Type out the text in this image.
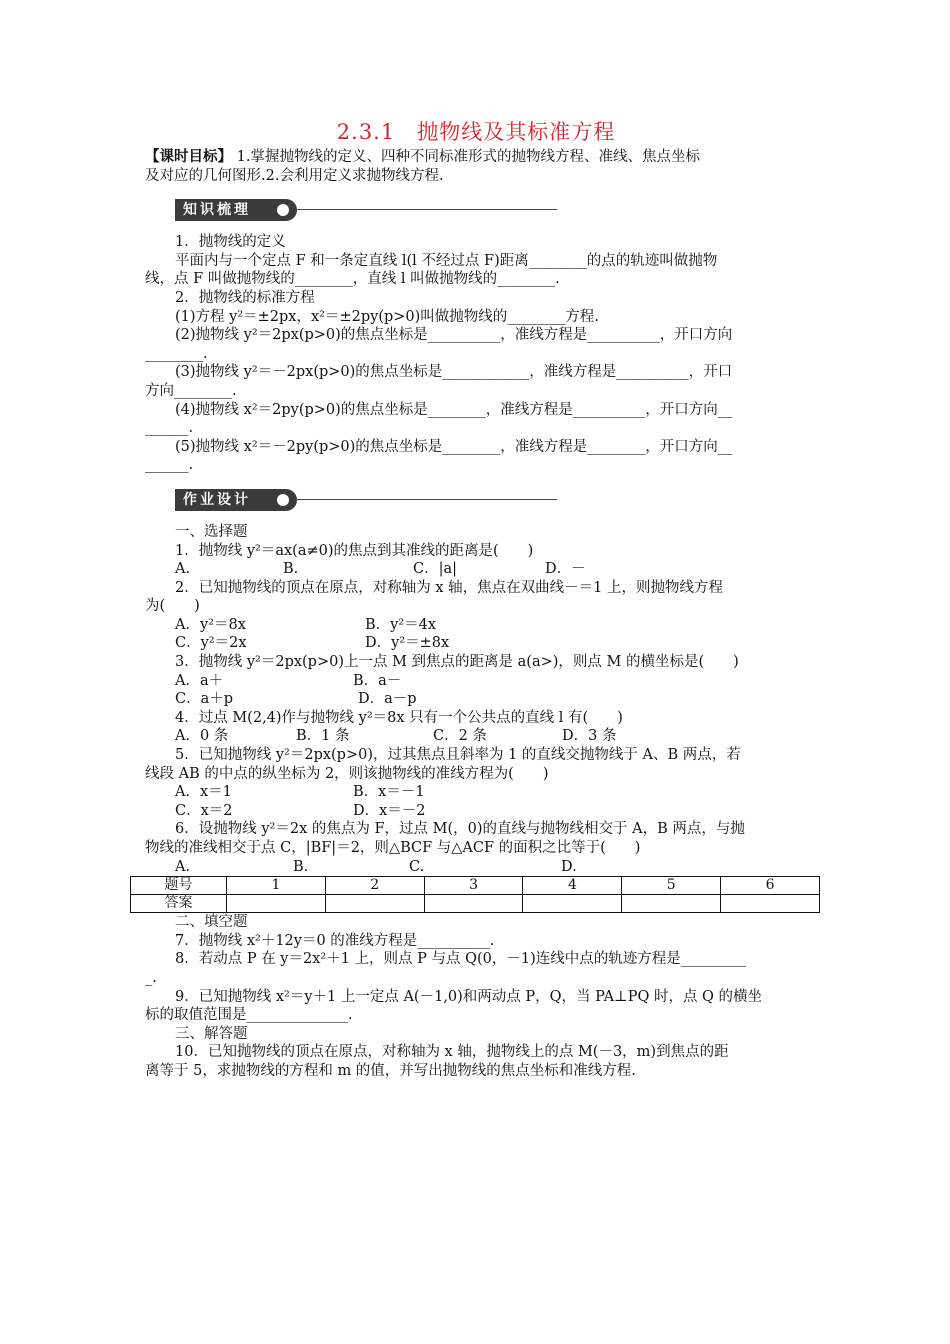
2.3.1　抛物线及其标准方程
【课时目标】 1.掌握抛物线的定义、四种不同标准形式的抛物线方程、准线、焦点坐标
及对应的几何图形.2.会利用定义求抛物线方程.
知识梳理
1．抛物线的定义
平面内与一个定点 F 和一条定直线 l(l 不经过点 F)距离________的点的轨迹叫做抛物
线，点 F 叫做抛物线的________，直线 l 叫做抛物线的________.
2．抛物线的标准方程
(1)方程 y²＝±2px，x²＝±2py(p>0)叫做抛物线的________方程.
(2)抛物线 y²＝2px(p>0)的焦点坐标是__________，准线方程是__________，开口方向
________.
(3)抛物线 y²＝－2px(p>0)的焦点坐标是____________，准线方程是__________，开口
方向________.
(4)抛物线 x²＝2py(p>0)的焦点坐标是________，准线方程是__________，开口方向__
______.
(5)抛物线 x²＝－2py(p>0)的焦点坐标是________，准线方程是________，开口方向__
______.
作业设计
一、选择题
1．抛物线 y²＝ax(a≠0)的焦点到其准线的距离是(　　)
A.	B.	C．|a|	D．－
2．已知抛物线的顶点在原点，对称轴为 x 轴，焦点在双曲线－＝1 上，则抛物线方程
为(　　)
A．y²＝8x	B．y²＝4x
C．y²＝2x	D．y²＝±8x
3．抛物线 y²＝2px(p>0)上一点 M 到焦点的距离是 a(a>)，则点 M 的横坐标是(　　)
A．a＋	B．a－
C．a＋p	D．a－p
4．过点 M(2,4)作与抛物线 y²＝8x 只有一个公共点的直线 l 有(　　)
A．0 条	B．1 条	C．2 条	D．3 条
5．已知抛物线 y²＝2px(p>0)，过其焦点且斜率为 1 的直线交抛物线于 A、B 两点，若
线段 AB 的中点的纵坐标为 2，则该抛物线的准线方程为(　　)
A．x＝1	B．x＝－1
C．x＝2	D．x＝－2
6．设抛物线 y²＝2x 的焦点为 F，过点 M(，0)的直线与抛物线相交于 A，B 两点，与抛
物线的准线相交于点 C，|BF|＝2，则△BCF 与△ACF 的面积之比等于(　　)
A.	B.	C.	D.
题号	1	2	3	4	5	6
答案						
二、填空题
7．抛物线 x²＋12y＝0 的准线方程是__________.
8．若动点 P 在 y＝2x²＋1 上，则点 P 与点 Q(0，－1)连线中点的轨迹方程是_________
_.
9．已知抛物线 x²＝y＋1 上一定点 A(－1,0)和两动点 P，Q，当 PA⊥PQ 时，点 Q 的横坐
标的取值范围是______________.
三、解答题
10．已知抛物线的顶点在原点，对称轴为 x 轴，抛物线上的点 M(－3，m)到焦点的距
离等于 5，求抛物线的方程和 m 的值，并写出抛物线的焦点坐标和准线方程.
